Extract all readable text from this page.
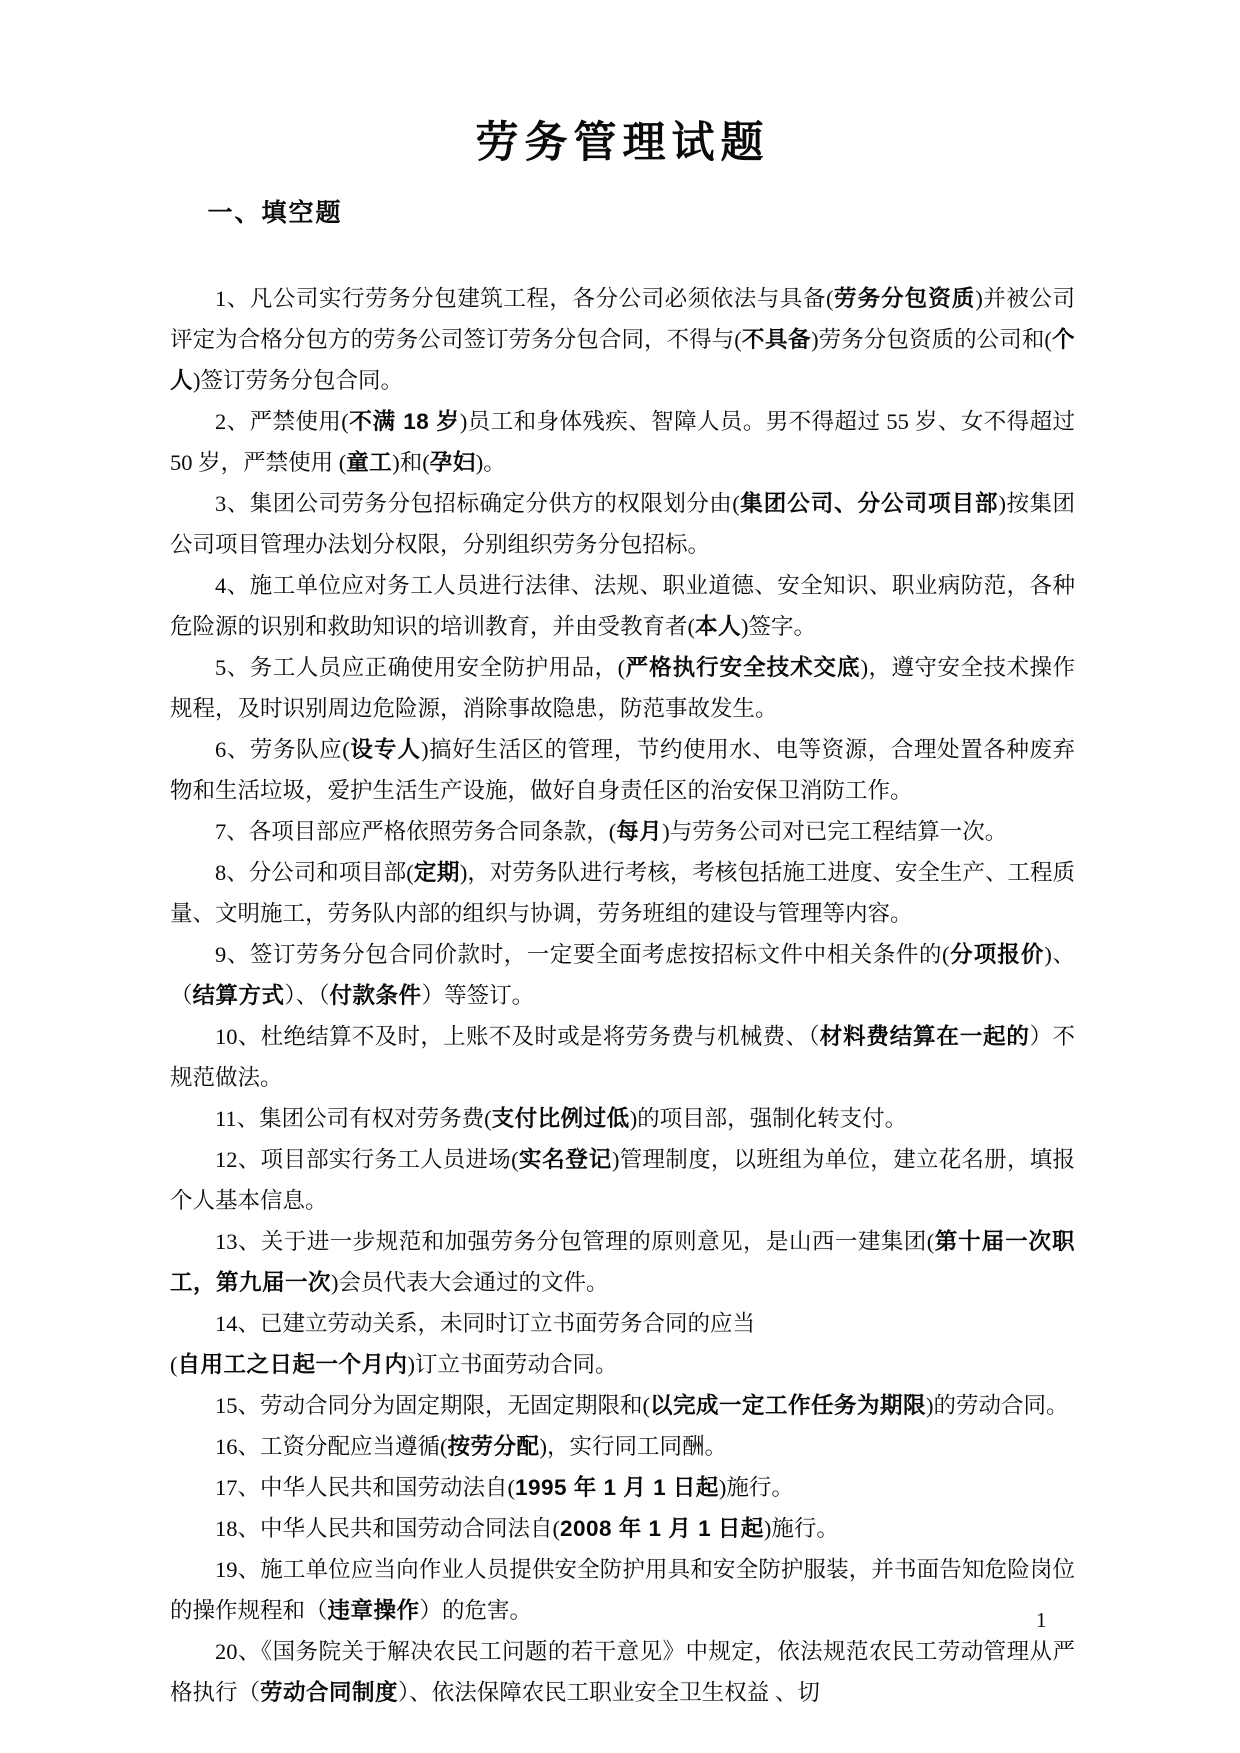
劳务管理试题
一、填空题

1、凡公司实行劳务分包建筑工程，各分公司必须依法与具备(劳务分包资质)并被公司评定为合格分包方的劳务公司签订劳务分包合同，不得与(不具备)劳务分包资质的公司和(个人)签订劳务分包合同。

2、严禁使用(不满 18 岁)员工和身体残疾、智障人员。男不得超过 55 岁、女不得超过 50 岁，严禁使用 (童工)和(孕妇)。

3、集团公司劳务分包招标确定分供方的权限划分由(集团公司、分公司项目部)按集团公司项目管理办法划分权限，分别组织劳务分包招标。

4、施工单位应对务工人员进行法律、法规、职业道德、安全知识、职业病防范，各种危险源的识别和救助知识的培训教育，并由受教育者(本人)签字。

5、务工人员应正确使用安全防护用品，(严格执行安全技术交底)，遵守安全技术操作规程，及时识别周边危险源，消除事故隐患，防范事故发生。

6、劳务队应(设专人)搞好生活区的管理，节约使用水、电等资源，合理处置各种废弃物和生活垃圾，爱护生活生产设施，做好自身责任区的治安保卫消防工作。

7、各项目部应严格依照劳务合同条款，(每月)与劳务公司对已完工程结算一次。

8、分公司和项目部(定期)，对劳务队进行考核，考核包括施工进度、安全生产、工程质量、文明施工，劳务队内部的组织与协调，劳务班组的建设与管理等内容。

9、签订劳务分包合同价款时，一定要全面考虑按招标文件中相关条件的(分项报价)、（结算方式）、（付款条件）等签订。

10、杜绝结算不及时，上账不及时或是将劳务费与机械费、（材料费结算在一起的）不规范做法。

11、集团公司有权对劳务费(支付比例过低)的项目部，强制化转支付。

12、项目部实行务工人员进场(实名登记)管理制度，以班组为单位，建立花名册，填报个人基本信息。

13、关于进一步规范和加强劳务分包管理的原则意见，是山西一建集团(第十届一次职工，第九届一次)会员代表大会通过的文件。

14、已建立劳动关系，未同时订立书面劳务合同的应当
(自用工之日起一个月内)订立书面劳动合同。

15、劳动合同分为固定期限，无固定期限和(以完成一定工作任务为期限)的劳动合同。

16、工资分配应当遵循(按劳分配)，实行同工同酬。

17、中华人民共和国劳动法自(1995 年 1 月 1 日起)施行。

18、中华人民共和国劳动合同法自(2008 年 1 月 1 日起)施行。

19、施工单位应当向作业人员提供安全防护用具和安全防护服装，并书面告知危险岗位的操作规程和（违章操作）的危害。

20、《国务院关于解决农民工问题的若干意见》中规定，依法规范农民工劳动管理从严格执行（劳动合同制度）、依法保障农民工职业安全卫生权益 、切

1
